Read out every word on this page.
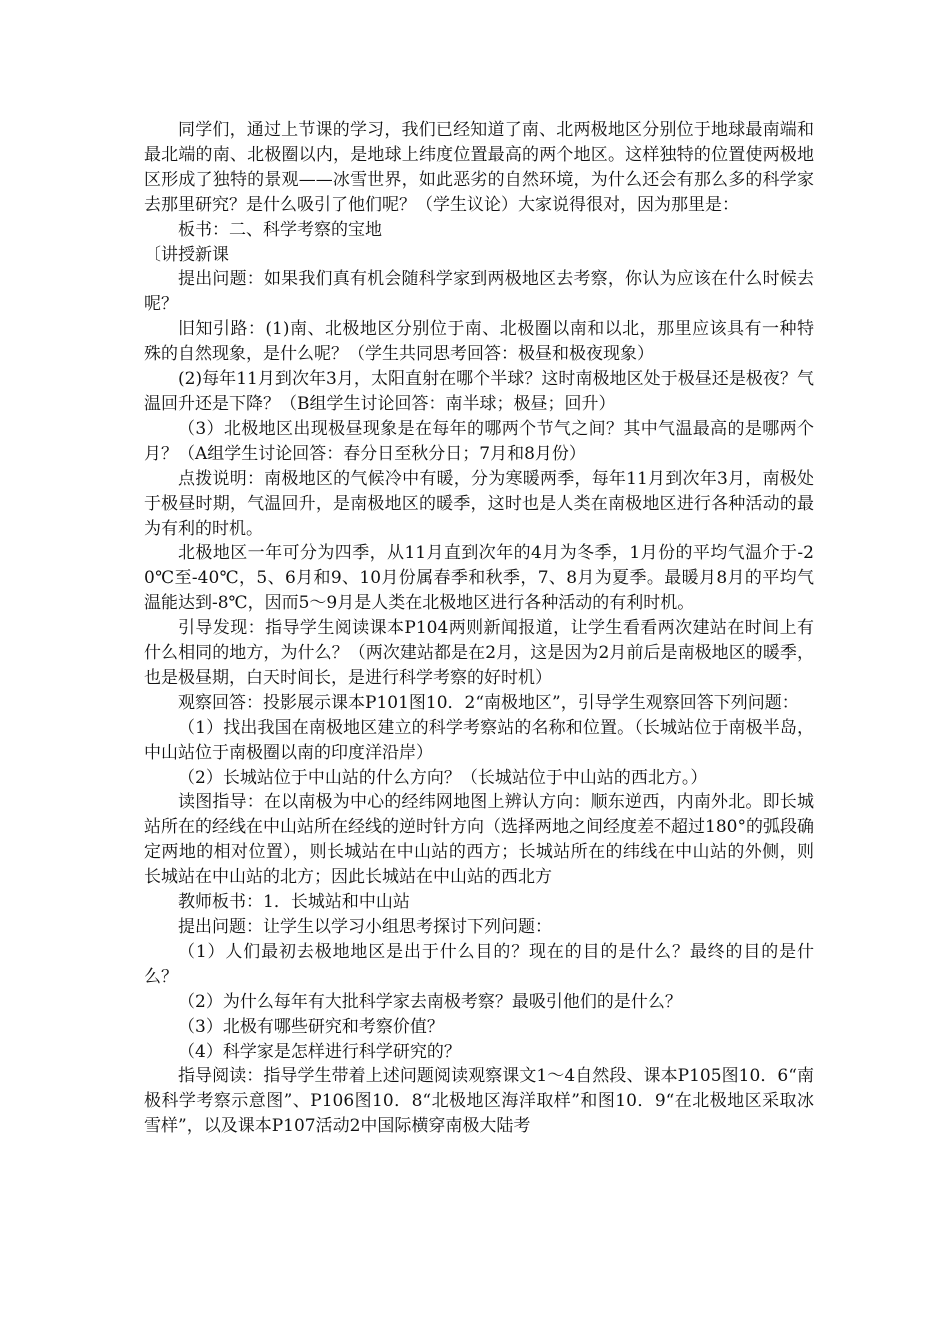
同学们，通过上节课的学习，我们已经知道了南、北两极地区分别位于地球最南端和最北端的南、北极圈以内，是地球上纬度位置最高的两个地区。这样独特的位置使两极地区形成了独特的景观——冰雪世界，如此恶劣的自然环境，为什么还会有那么多的科学家去那里研究？是什么吸引了他们呢？（学生议论）大家说得很对，因为那里是：

板书：二、科学考察的宝地

〔讲授新课

提出问题：如果我们真有机会随科学家到两极地区去考察，你认为应该在什么时候去呢？

旧知引路：(1)南、北极地区分别位于南、北极圈以南和以北，那里应该具有一种特殊的自然现象，是什么呢？（学生共同思考回答：极昼和极夜现象）

(2)每年11月到次年3月，太阳直射在哪个半球？这时南极地区处于极昼还是极夜？气温回升还是下降？（B组学生讨论回答：南半球；极昼；回升）

（3）北极地区出现极昼现象是在每年的哪两个节气之间？其中气温最高的是哪两个月？（A组学生讨论回答：春分日至秋分日；7月和8月份）

点拨说明：南极地区的气候冷中有暖，分为寒暖两季，每年11月到次年3月，南极处于极昼时期，气温回升，是南极地区的暖季，这时也是人类在南极地区进行各种活动的最为有利的时机。

北极地区一年可分为四季，从11月直到次年的4月为冬季，1月份的平均气温介于-20℃至-40℃，5、6月和9、10月份属春季和秋季，7、8月为夏季。最暖月8月的平均气温能达到-8℃，因而5～9月是人类在北极地区进行各种活动的有利时机。

引导发现：指导学生阅读课本P104两则新闻报道，让学生看看两次建站在时间上有什么相同的地方，为什么？（两次建站都是在2月，这是因为2月前后是南极地区的暖季，也是极昼期，白天时间长，是进行科学考察的好时机）

观察回答：投影展示课本P101图10．2“南极地区”，引导学生观察回答下列问题：

（1）找出我国在南极地区建立的科学考察站的名称和位置。（长城站位于南极半岛，中山站位于南极圈以南的印度洋沿岸）

（2）长城站位于中山站的什么方向？（长城站位于中山站的西北方。）

读图指导：在以南极为中心的经纬网地图上辨认方向：顺东逆西，内南外北。即长城站所在的经线在中山站所在经线的逆时针方向（选择两地之间经度差不超过180°的弧段确定两地的相对位置），则长城站在中山站的西方；长城站所在的纬线在中山站的外侧，则长城站在中山站的北方；因此长城站在中山站的西北方

教师板书：1．长城站和中山站

提出问题：让学生以学习小组思考探讨下列问题：

（1）人们最初去极地地区是出于什么目的？现在的目的是什么？最终的目的是什么？

（2）为什么每年有大批科学家去南极考察？最吸引他们的是什么？

（3）北极有哪些研究和考察价值？

（4）科学家是怎样进行科学研究的？

指导阅读：指导学生带着上述问题阅读观察课文1～4自然段、课本P105图10．6“南极科学考察示意图”、P106图10．8“北极地区海洋取样”和图10．9“在北极地区采取冰雪样”，以及课本P107活动2中国际横穿南极大陆考
